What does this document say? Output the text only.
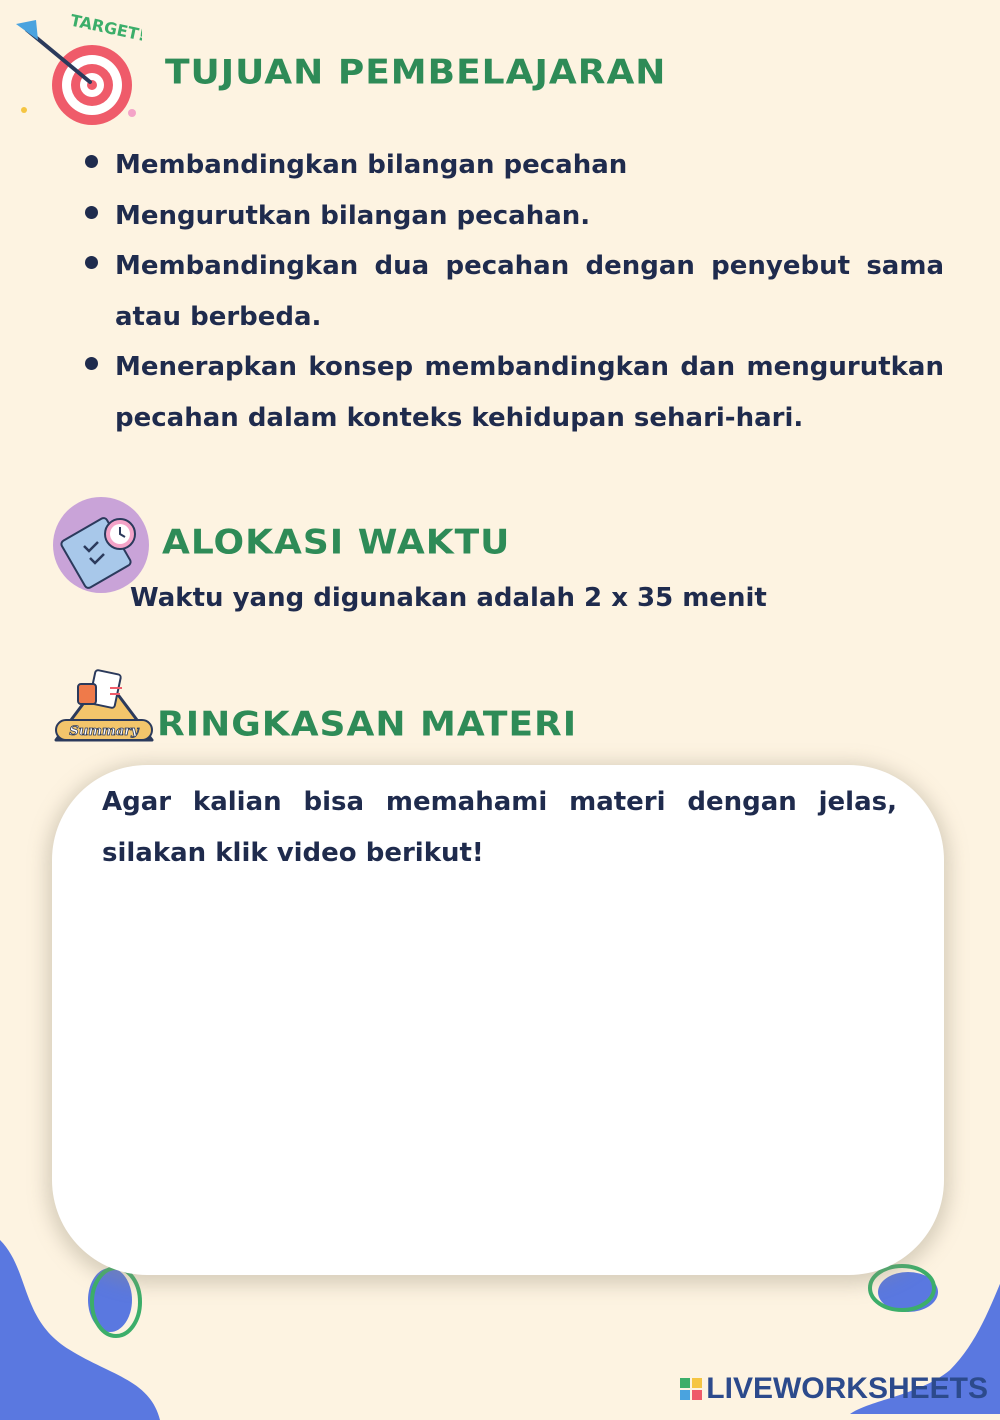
TARGET!
TUJUAN PEMBELAJARAN
Membandingkan bilangan pecahan
Mengurutkan bilangan pecahan.
Membandingkan dua pecahan dengan penyebut sama atau berbeda.
Menerapkan konsep membandingkan dan mengurutkan pecahan dalam konteks kehidupan sehari-hari.
ALOKASI WAKTU
Waktu yang digunakan adalah 2 x 35 menit
Summary RINGKASAN MATERI

Agar kalian bisa memahami materi dengan jelas, silakan klik video berikut!

LIVEWORKSHEETS
